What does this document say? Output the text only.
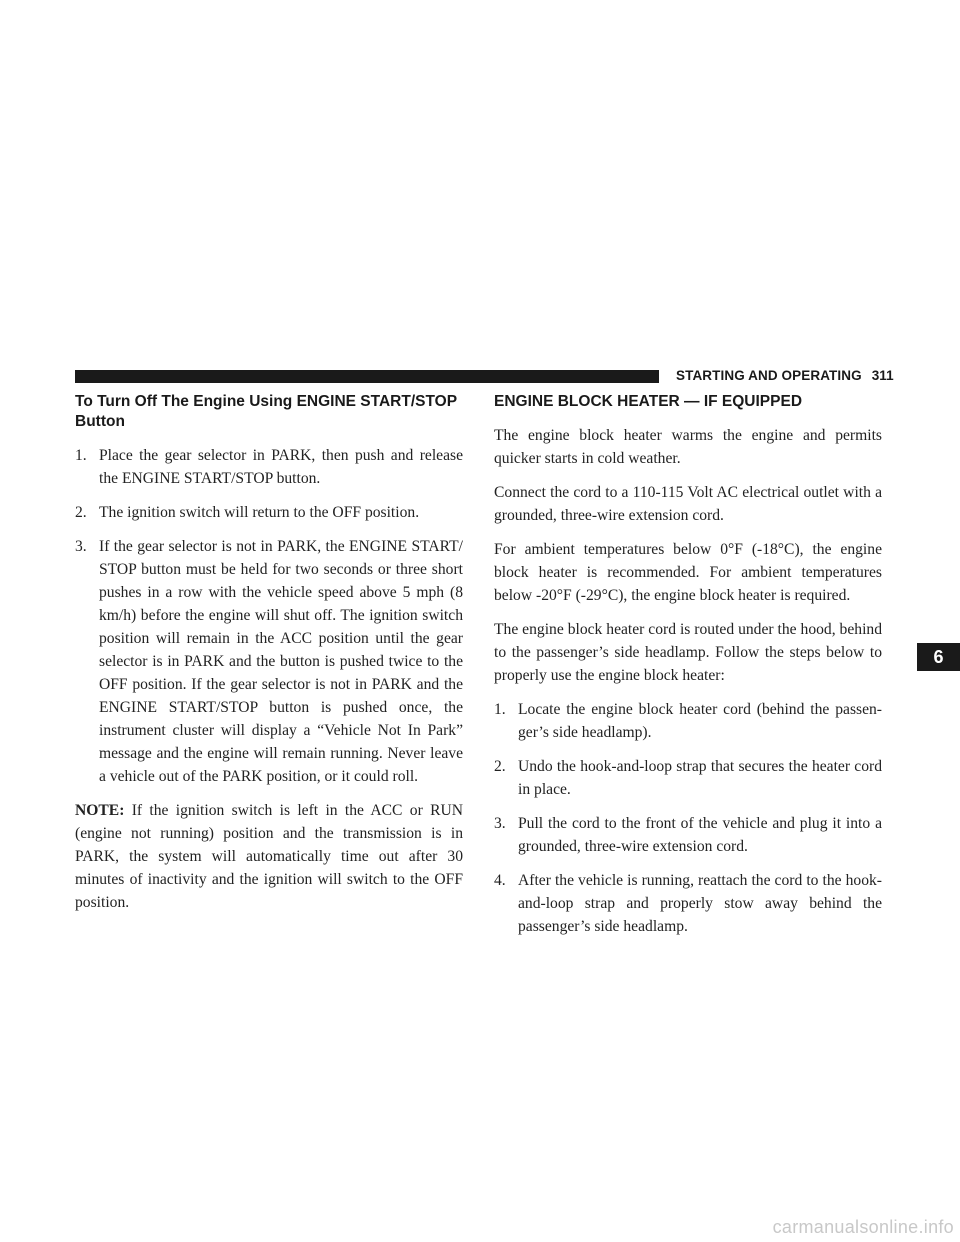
STARTING AND OPERATING 311
To Turn Off The Engine Using ENGINE START/STOP Button
1. Place the gear selector in PARK, then push and release the ENGINE START/STOP button.
2. The ignition switch will return to the OFF position.
3. If the gear selector is not in PARK, the ENGINE START/ STOP button must be held for two seconds or three short pushes in a row with the vehicle speed above 5 mph (8 km/h) before the engine will shut off. The ignition switch position will remain in the ACC position until the gear selector is in PARK and the button is pushed twice to the OFF position. If the gear selector is not in PARK and the ENGINE START/STOP button is pushed once, the instrument cluster will display a “Vehicle Not In Park” message and the engine will remain running. Never leave a vehicle out of the PARK position, or it could roll.

NOTE: If the ignition switch is left in the ACC or RUN (engine not running) position and the transmission is in PARK, the system will automatically time out after 30 minutes of inactivity and the ignition will switch to the OFF position.

ENGINE BLOCK HEATER — IF EQUIPPED

The engine block heater warms the engine and permits quicker starts in cold weather.

Connect the cord to a 110-115 Volt AC electrical outlet with a grounded, three-wire extension cord.

For ambient temperatures below 0°F (-18°C), the engine block heater is recommended. For ambient temperatures below -20°F (-29°C), the engine block heater is required.

The engine block heater cord is routed under the hood, behind to the passenger’s side headlamp. Follow the steps below to properly use the engine block heater:

1. Locate the engine block heater cord (behind the passen- ger’s side headlamp).
2. Undo the hook-and-loop strap that secures the heater cord in place.
3. Pull the cord to the front of the vehicle and plug it into a grounded, three-wire extension cord.
4. After the vehicle is running, reattach the cord to the hook-and-loop strap and properly stow away behind the passenger’s side headlamp.
6
carmanualsonline.info
